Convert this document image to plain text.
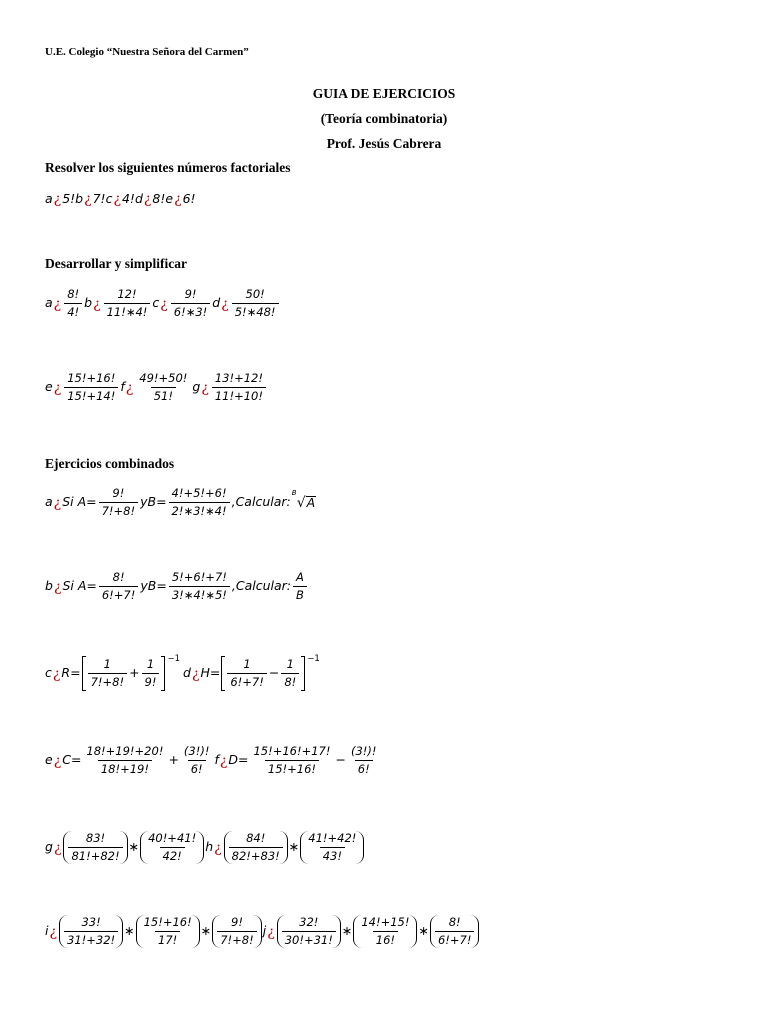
U.E. Colegio “Nuestra Señora del Carmen”
GUIA DE EJERCICIOS
(Teoría combinatoria)
Prof. Jesús Cabrera
Resolver los siguientes números factoriales
a ¿ 5! b ¿ 7! c ¿ 4! d ¿ 8! e ¿ 6!
Desarrollar y simplificar
a ¿ $\frac{8!}{4!}$ b ¿ $\frac{12!}{11!∗4!}$ c ¿ $\frac{9!}{6!∗3!}$ d ¿ $\frac{50!}{5!∗48!}$
e ¿ $\frac{15!+16!}{15!+14!}$ f ¿ $\frac{49!+50!}{51!}$ g ¿ $\frac{13!+12!}{11!+10!}$
Ejercicios combinados
a ¿ Si $A= \frac{9!}{7!+8!} yB= \frac{4!+5!+6!}{2!∗3!∗4!}$ ,Calcular:
B
√ A
b ¿ Si $A= \frac{8!}{6!+7!} yB= \frac{5!+6!+7!}{3!∗4!∗5!}$ ,Calcular: $\frac{A}{B}$
c ¿ $R= \frac{1}{7!+8!} + \frac{1}{9!} -1$
d ¿ $H= \frac{1}{6!+7!} - \frac{1}{8!} -1$
e ¿ $C= \frac{18!+19!+20!}{18!+19!} + \frac{(3!)!}{6!}$ f ¿ $D= \frac{15!+16!+17!}{15!+16!} - \frac{(3!)!}{6!}$
g ¿ $\frac{83!}{81!+82!}$ ∗ $\frac{40!+41!}{42!}$ h ¿ $\frac{84!}{82!+83!}$ ∗ $\frac{41!+42!}{43!}$
i ¿ $\frac{33!}{31!+32!}$ ∗ $\frac{15!+16!}{17!}$ ∗ $\frac{9!}{7!+8!}$ j ¿ $\frac{32!}{30!+31!}$ ∗ $\frac{14!+15!}{16!}$ ∗ $\frac{8!}{6!+7!}$
